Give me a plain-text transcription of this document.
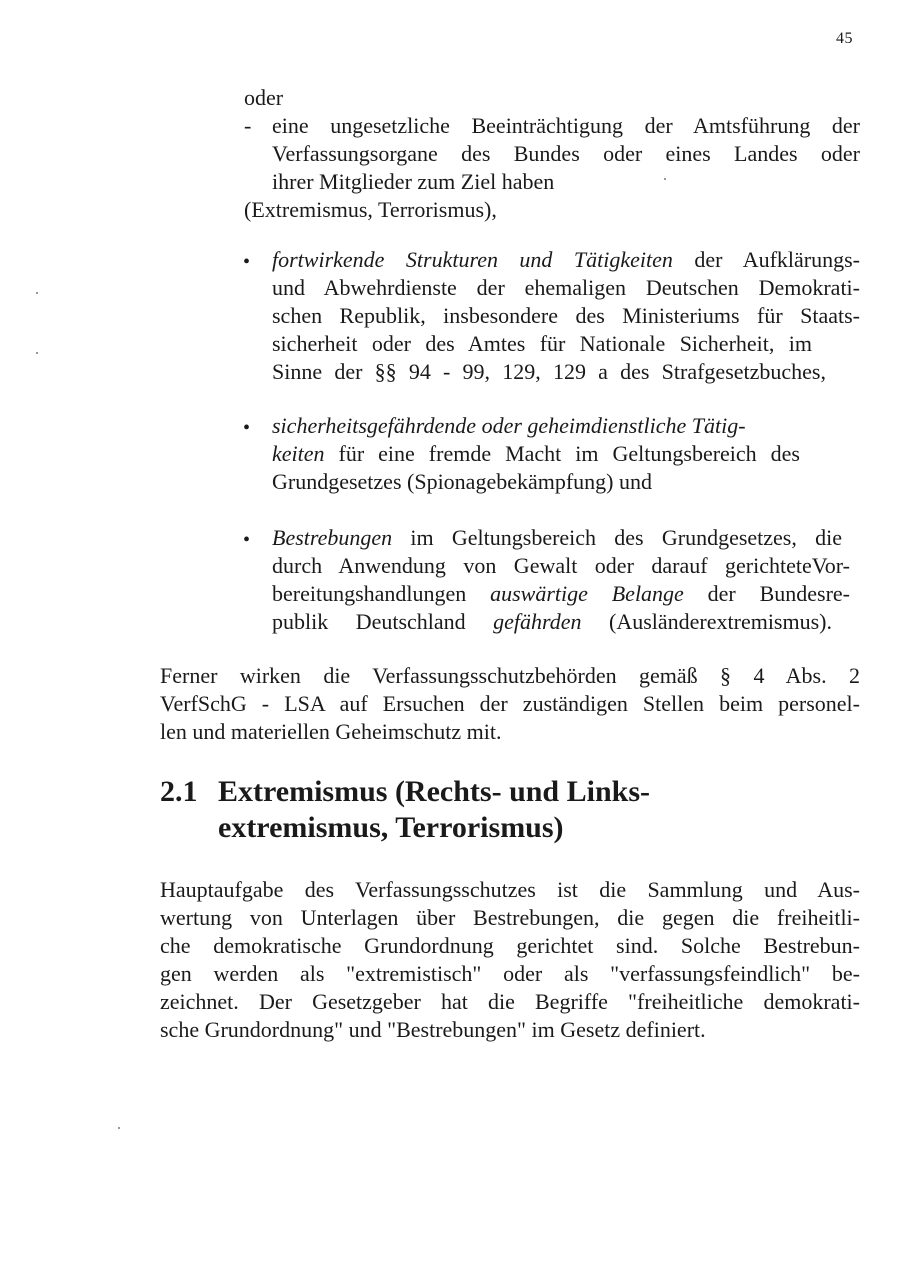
45
oder
- eine ungesetzliche Beeinträchtigung der Amtsführung der
Verfassungsorgane des Bundes oder eines Landes oder
ihrer Mitglieder zum Ziel haben
(Extremismus, Terrorismus),
• fortwirkende Strukturen und Tätigkeiten der Aufklärungs-
und Abwehrdienste der ehemaligen Deutschen Demokrati-
schen Republik, insbesondere des Ministeriums für Staats-
sicherheit oder des Amtes für Nationale Sicherheit, im
Sinne der §§ 94 - 99, 129, 129 a des Strafgesetzbuches,
• sicherheitsgefährdende oder geheimdienstliche Tätig-
keiten für eine fremde Macht im Geltungsbereich des
Grundgesetzes (Spionagebekämpfung) und
• Bestrebungen im Geltungsbereich des Grundgesetzes, die
durch Anwendung von Gewalt oder darauf gerichteteVor-
bereitungshandlungen auswärtige Belange der Bundesre-
publik Deutschland gefährden (Ausländerextremismus).
Ferner wirken die Verfassungsschutzbehörden gemäß § 4 Abs. 2
VerfSchG - LSA auf Ersuchen der zuständigen Stellen beim personel-
len und materiellen Geheimschutz mit.
2.1 Extremismus (Rechts- und Links-
extremismus, Terrorismus)
Hauptaufgabe des Verfassungsschutzes ist die Sammlung und Aus-
wertung von Unterlagen über Bestrebungen, die gegen die freiheitli-
che demokratische Grundordnung gerichtet sind. Solche Bestrebun-
gen werden als "extremistisch" oder als "verfassungsfeindlich" be-
zeichnet. Der Gesetzgeber hat die Begriffe "freiheitliche demokrati-
sche Grundordnung" und "Bestrebungen" im Gesetz definiert.
